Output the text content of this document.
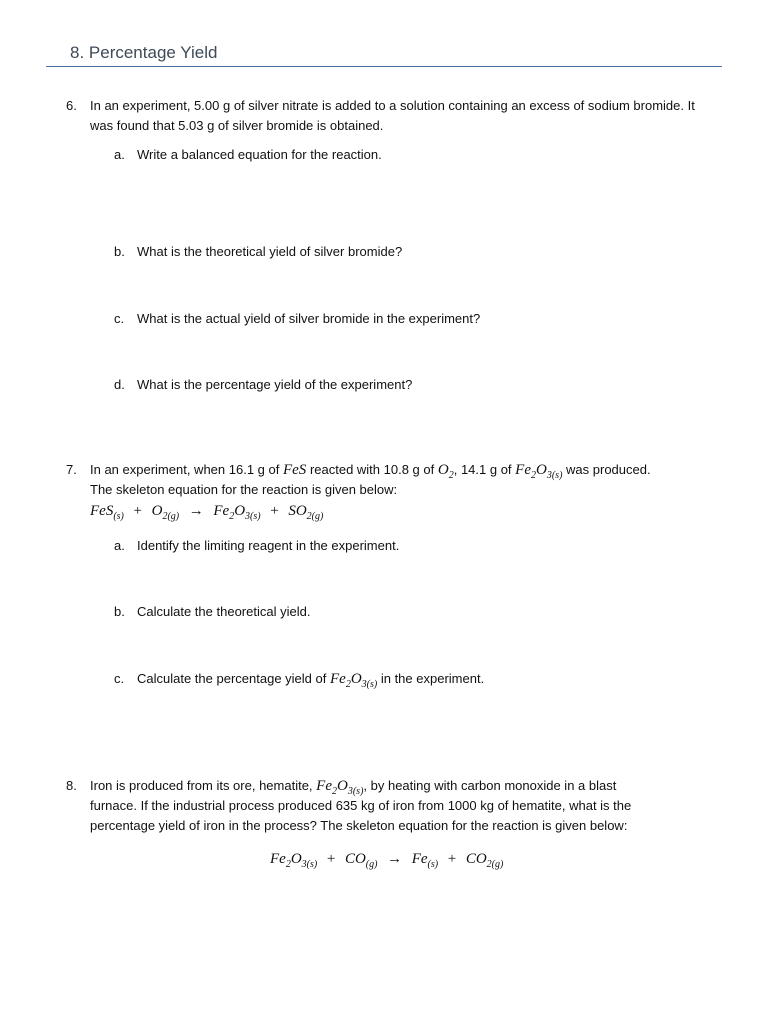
8. Percentage Yield
6.	In an experiment, 5.00 g of silver nitrate is added to a solution containing an excess of sodium bromide. It was found that 5.03 g of silver bromide is obtained.
a. Write a balanced equation for the reaction.
b. What is the theoretical yield of silver bromide?
c. What is the actual yield of silver bromide in the experiment?
d. What is the percentage yield of the experiment?
7.	In an experiment, when 16.1 g of FeS reacted with 10.8 g of $O_2$, 14.1 g of $Fe_2O_{3(s)}$ was produced.
The skeleton equation for the reaction is given below:
$FeS_{(s)} + O_{2(g)} \to Fe_2O_{3(s)} + SO_{2(g)}$
a. Identify the limiting reagent in the experiment.
b. Calculate the theoretical yield.
c. Calculate the percentage yield of $Fe_2O_{3(s)}$ in the experiment.
8.	Iron is produced from its ore, hematite, $Fe_2O_{3(s)}$, by heating with carbon monoxide in a blast
furnace. If the industrial process produced 635 kg of iron from 1000 kg of hematite, what is the
percentage yield of iron in the process? The skeleton equation for the reaction is given below:
$Fe_2O_{3(s)} + CO_{(g)} \to Fe_{(s)} + CO_{2(g)}$
